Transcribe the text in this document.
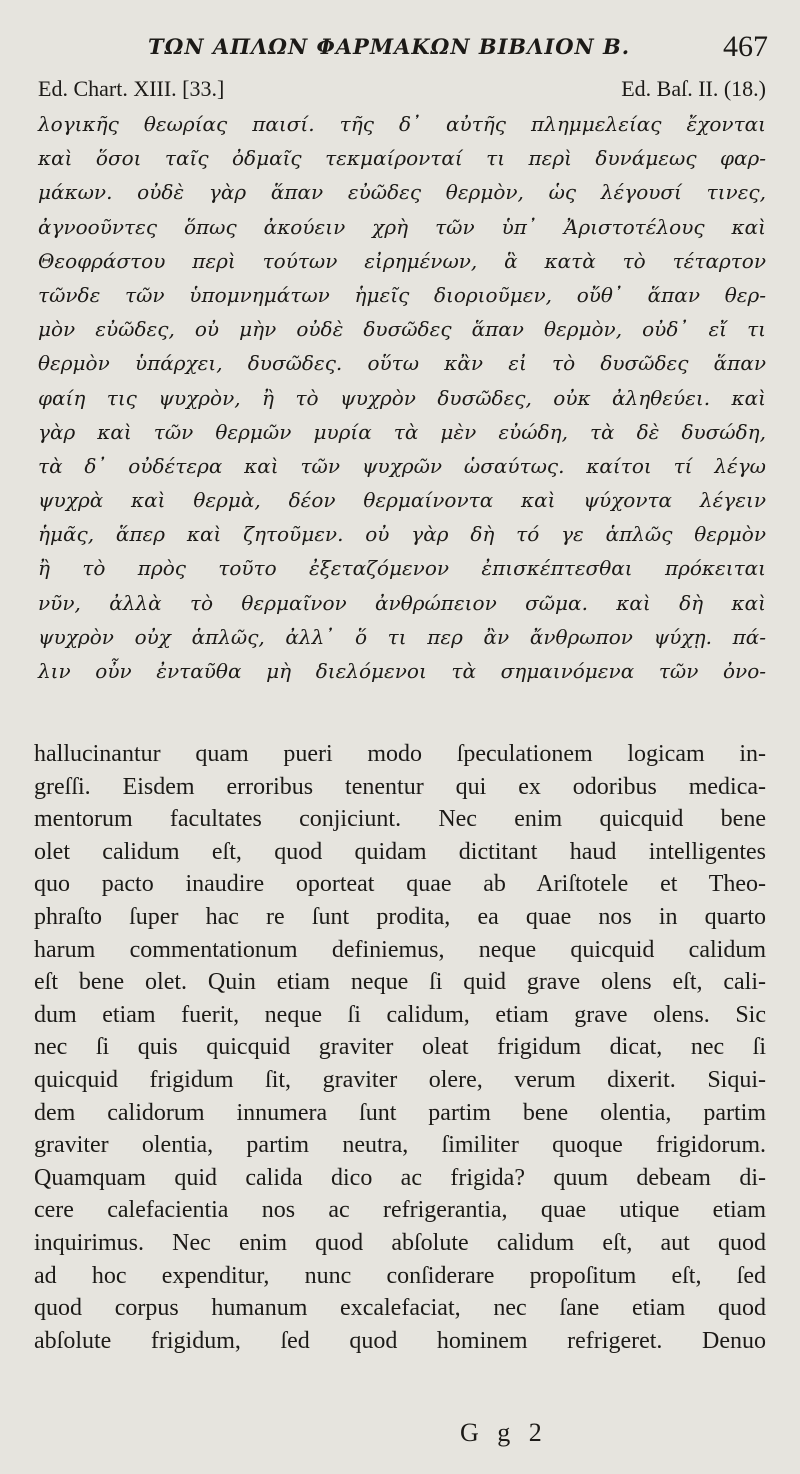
ΤΩΝ ΑΠΛΩΝ ΦΑΡΜΑΚΩΝ ΒΙΒΛΙΟΝ Β.	467
Ed. Chart. XIII. [33.]	Ed. Baſ. II. (18.)
λογικῆς θεωρίας παισί. τῆς δ᾽ αὐτῆς πλημμελείας ἔχονται
καὶ ὅσοι ταῖς ὀδμαῖς τεκμαίρονταί τι περὶ δυνάμεως φαρ-
μάκων. οὐδὲ γὰρ ἅπαν εὐῶδες θερμὸν, ὡς λέγουσί τινες,
ἀγνοοῦντες ὅπως ἀκούειν χρὴ τῶν ὑπ᾽ Ἀριστοτέλους καὶ
Θεοφράστου περὶ τούτων εἰρημένων, ἃ κατὰ τὸ τέταρτον
τῶνδε τῶν ὑπομνημάτων ἡμεῖς διοριοῦμεν, οὔθ᾽ ἅπαν θερ-
μὸν εὐῶδες, οὐ μὴν οὐδὲ δυσῶδες ἅπαν θερμὸν, οὐδ᾽ εἴ τι
θερμὸν ὑπάρχει, δυσῶδες. οὕτω κἂν εἰ τὸ δυσῶδες ἅπαν
φαίη τις ψυχρὸν, ἢ τὸ ψυχρὸν δυσῶδες, οὐκ ἀληθεύει. καὶ
γὰρ καὶ τῶν θερμῶν μυρία τὰ μὲν εὐώδη, τὰ δὲ δυσώδη,
τὰ δ᾽ οὐδέτερα καὶ τῶν ψυχρῶν ὡσαύτως. καίτοι τί λέγω
ψυχρὰ καὶ θερμὰ, δέον θερμαίνοντα καὶ ψύχοντα λέγειν
ἡμᾶς, ἅπερ καὶ ζητοῦμεν. οὐ γὰρ δὴ τό γε ἁπλῶς θερμὸν
ἢ τὸ πρὸς τοῦτο ἐξεταζόμενον ἐπισκέπτεσθαι πρόκειται
νῦν, ἀλλὰ τὸ θερμαῖνον ἀνθρώπειον σῶμα. καὶ δὴ καὶ
ψυχρὸν οὐχ ἁπλῶς, ἀλλ᾽ ὅ τι περ ἂν ἄνθρωπον ψύχῃ. πά-
λιν οὖν ἐνταῦθα μὴ διελόμενοι τὰ σημαινόμενα τῶν ὀνο-
hallucinantur quam pueri modo ſpeculationem logicam in-
greſſi. Eisdem erroribus tenentur qui ex odoribus medica-
mentorum facultates conjiciunt. Nec enim quicquid bene
olet calidum eſt, quod quidam dictitant haud intelligentes
quo pacto inaudire oporteat quae ab Ariſtotele et Theo-
phraſto ſuper hac re ſunt prodita, ea quae nos in quarto
harum commentationum definiemus, neque quicquid calidum
eſt bene olet. Quin etiam neque ſi quid grave olens eſt, cali-
dum etiam fuerit, neque ſi calidum, etiam grave olens. Sic
nec ſi quis quicquid graviter oleat frigidum dicat, nec ſi
quicquid frigidum ſit, graviter olere, verum dixerit. Siqui-
dem calidorum innumera ſunt partim bene olentia, partim
graviter olentia, partim neutra, ſimiliter quoque frigidorum.
Quamquam quid calida dico ac frigida? quum debeam di-
cere calefacientia nos ac refrigerantia, quae utique etiam
inquirimus. Nec enim quod abſolute calidum eſt, aut quod
ad hoc expenditur, nunc conſiderare propoſitum eſt, ſed
quod corpus humanum excalefaciat, nec ſane etiam quod
abſolute frigidum, ſed quod hominem refrigeret. Denuo
G g 2
